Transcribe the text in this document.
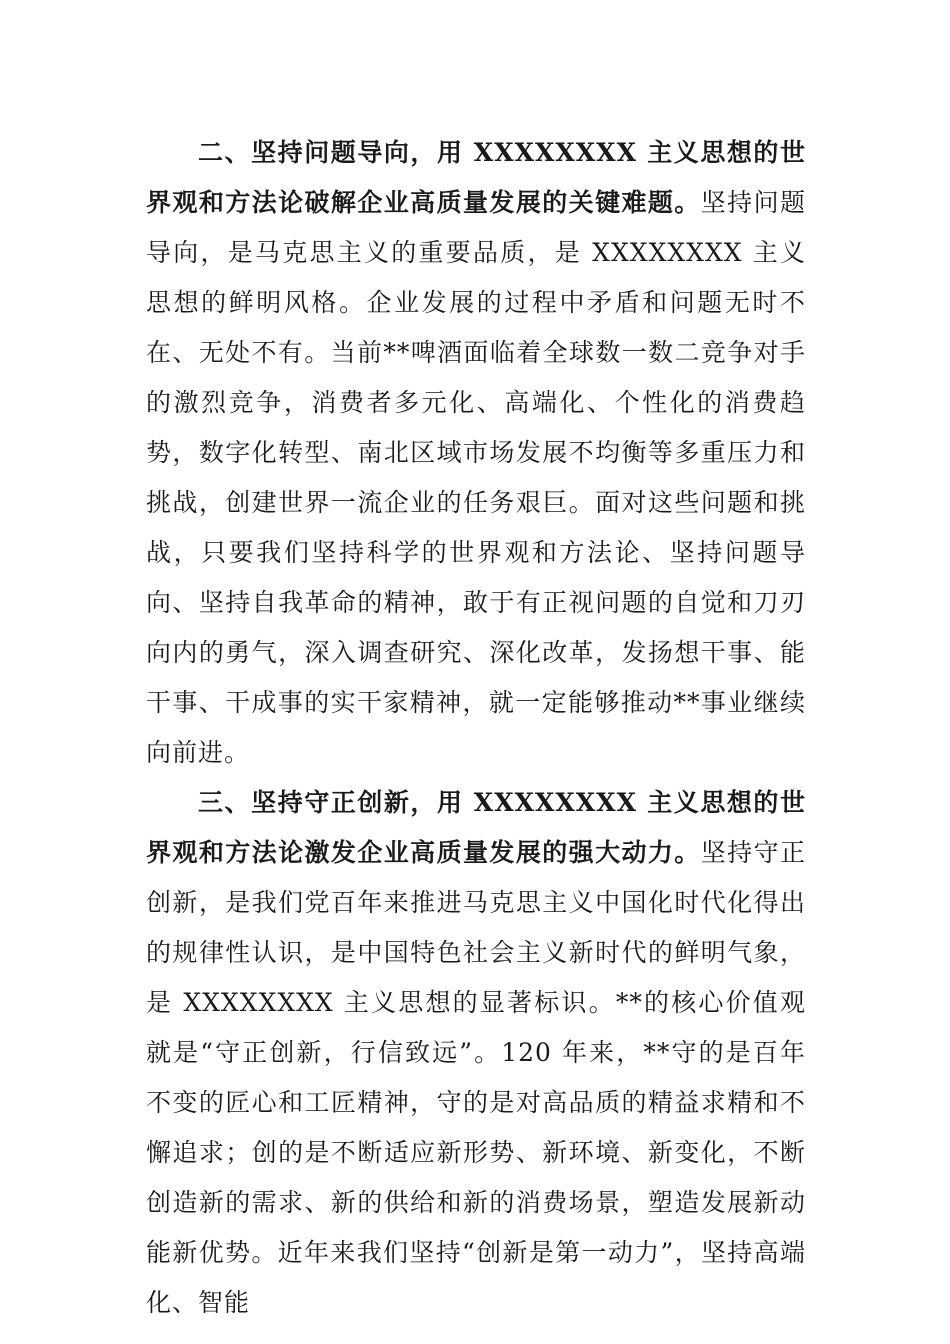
二、坚持问题导向，用 XXXXXXXX 主义思想的世界观和方法论破解企业高质量发展的关键难题。坚持问题导向，是马克思主义的重要品质，是 XXXXXXXX 主义思想的鲜明风格。企业发展的过程中矛盾和问题无时不在、无处不有。当前**啤酒面临着全球数一数二竞争对手的激烈竞争，消费者多元化、高端化、个性化的消费趋势，数字化转型、南北区域市场发展不均衡等多重压力和挑战，创建世界一流企业的任务艰巨。面对这些问题和挑战，只要我们坚持科学的世界观和方法论、坚持问题导向、坚持自我革命的精神，敢于有正视问题的自觉和刀刃向内的勇气，深入调查研究、深化改革，发扬想干事、能干事、干成事的实干家精神，就一定能够推动**事业继续向前进。

三、坚持守正创新，用 XXXXXXXX 主义思想的世界观和方法论激发企业高质量发展的强大动力。坚持守正创新，是我们党百年来推进马克思主义中国化时代化得出的规律性认识，是中国特色社会主义新时代的鲜明气象，是 XXXXXXXX 主义思想的显著标识。**的核心价值观就是“守正创新，行信致远”。120 年来，**守的是百年不变的匠心和工匠精神，守的是对高品质的精益求精和不懈追求；创的是不断适应新形势、新环境、新变化，不断创造新的需求、新的供给和新的消费场景，塑造发展新动能新优势。近年来我们坚持“创新是第一动力”，坚持高端化、智能
